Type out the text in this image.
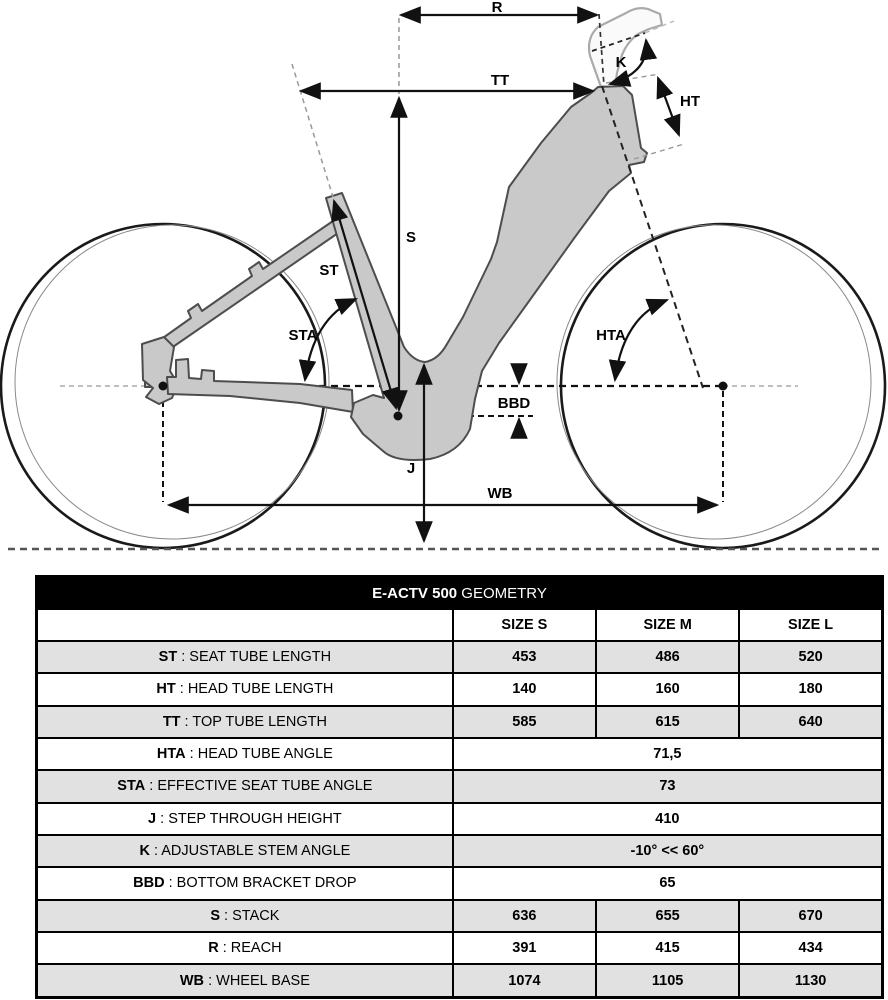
R
TT
K
HT
S
ST
STA	HTA
BBD
J
WB
E-ACTV 500 GEOMETRY			
	SIZE S	SIZE M	SIZE L
ST : SEAT TUBE LENGTH	453	486	520
HT : HEAD TUBE LENGTH	140	160	180
TT : TOP TUBE LENGTH	585	615	640
HTA : HEAD TUBE ANGLE	71,5		
STA : EFFECTIVE SEAT TUBE ANGLE	73		
J : STEP THROUGH HEIGHT	410		
K : ADJUSTABLE STEM ANGLE	-10° << 60°		
BBD : BOTTOM BRACKET DROP	65		
S : STACK	636	655	670
R : REACH	391	415	434
WB : WHEEL BASE	1074	1105	1130
